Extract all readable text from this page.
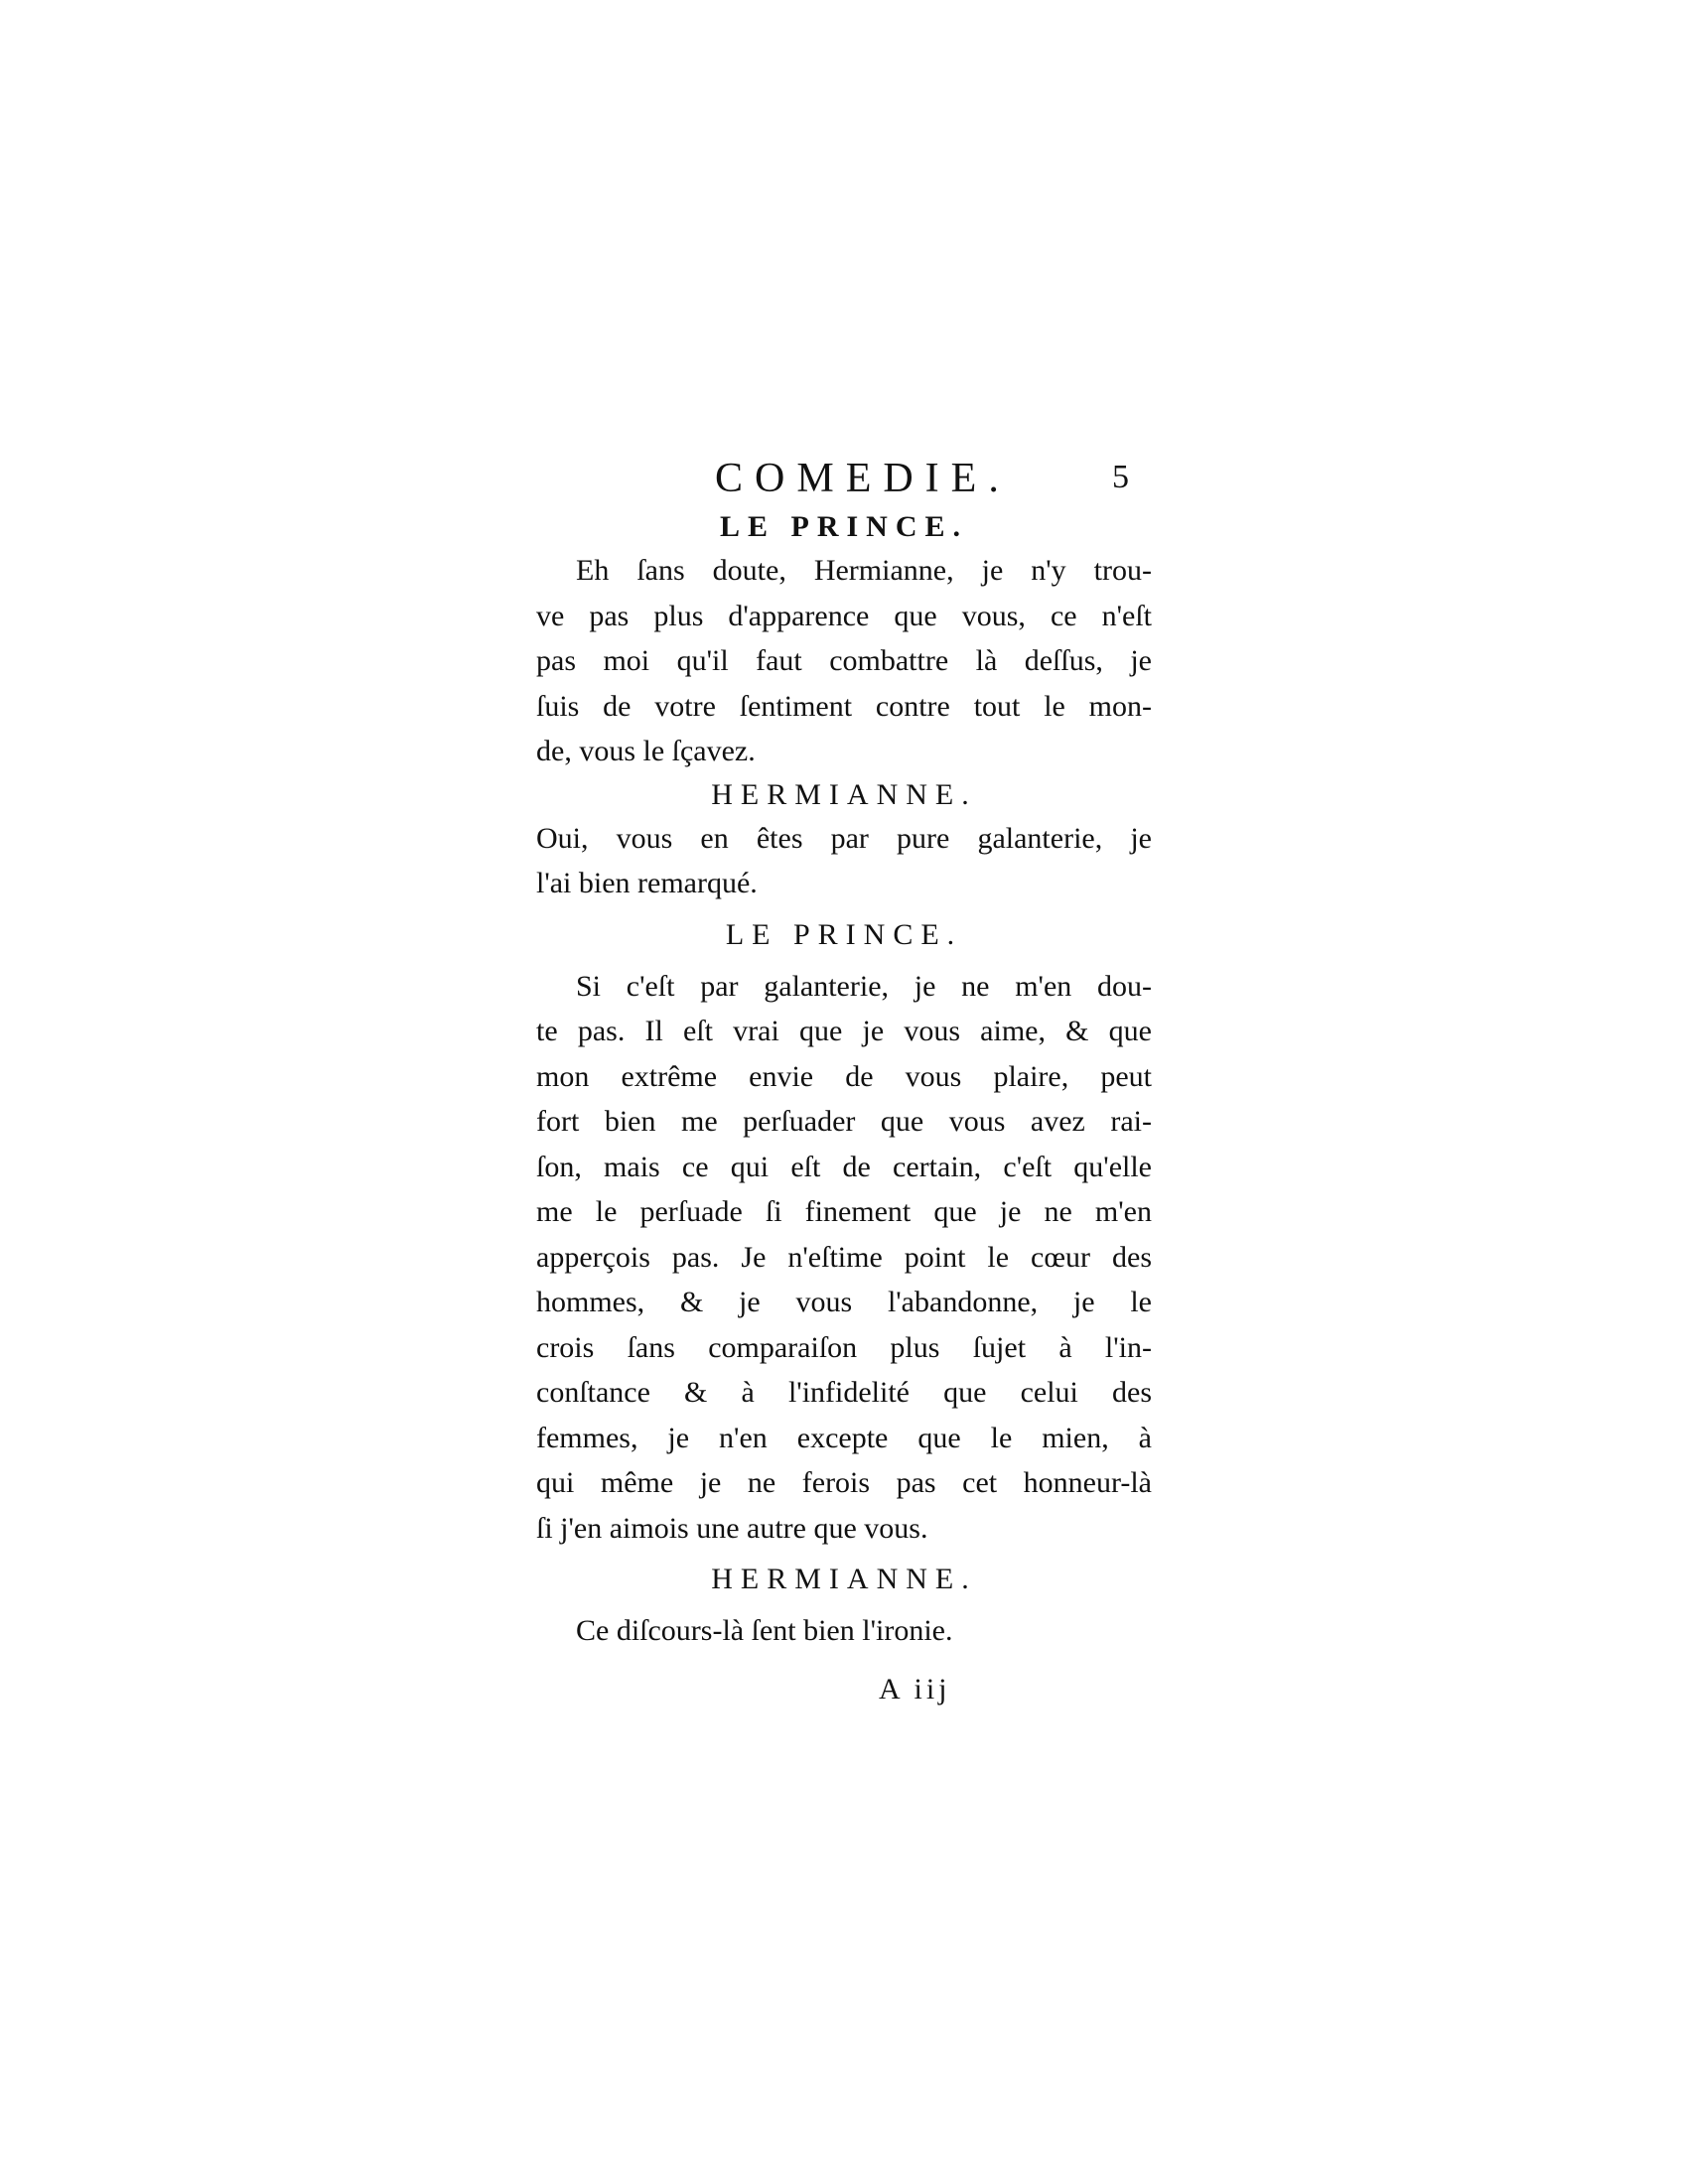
COMEDIE.	5

LE PRINCE.

Eh ſans doute, Hermianne, je n'y trou-
ve pas plus d'apparence que vous, ce n'eſt
pas moi qu'il faut combattre là deſſus, je
ſuis de votre ſentiment contre tout le mon-
de, vous le ſçavez.

HERMIANNE.

Oui, vous en êtes par pure galanterie, je
l'ai bien remarqué.

LE PRINCE.

Si c'eſt par galanterie, je ne m'en dou-
te pas. Il eſt vrai que je vous aime, & que
mon extrême envie de vous plaire, peut
fort bien me perſuader que vous avez rai-
ſon, mais ce qui eſt de certain, c'eſt qu'elle
me le perſuade ſi finement que je ne m'en
apperçois pas. Je n'eſtime point le cœur des
hommes, & je vous l'abandonne, je le
crois ſans comparaiſon plus ſujet à l'in-
conſtance & à l'infidelité que celui des
femmes, je n'en excepte que le mien, à
qui même je ne ferois pas cet honneur-là
ſi j'en aimois une autre que vous.

HERMIANNE.

Ce diſcours-là ſent bien l'ironie.

A iij
